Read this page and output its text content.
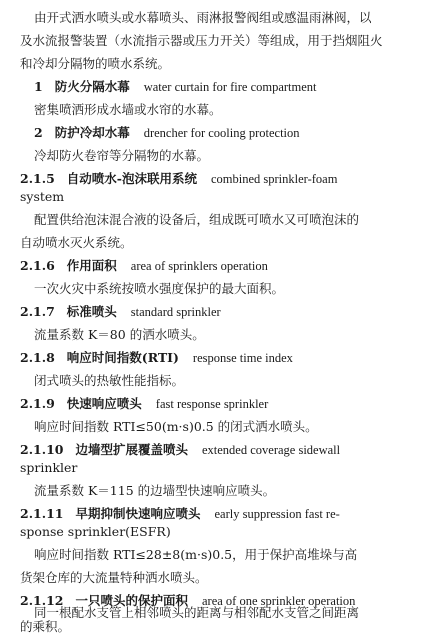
由开式洒水喷头或水幕喷头、雨淋报警阀组或感温雨淋阀，以
及水流报警装置（水流指示器或压力开关）等组成，用于挡烟阻火
和冷却分隔物的喷水系统。
1 防火分隔水幕 water curtain for fire compartment
密集喷洒形成水墙或水帘的水幕。
2 防护冷却水幕 drencher for cooling protection
冷却防火卷帘等分隔物的水幕。
2.1.5 自动喷水-泡沫联用系统 combined sprinkler-foam
system
配置供给泡沫混合液的设备后，组成既可喷水又可喷泡沫的
自动喷水灭火系统。
2.1.6 作用面积 area of sprinklers operation
一次火灾中系统按喷水强度保护的最大面积。
2.1.7 标准喷头 standard sprinkler
流量系数 K＝80 的洒水喷头。
2.1.8 响应时间指数(RTI) response time index
闭式喷头的热敏性能指标。
2.1.9 快速响应喷头 fast response sprinkler
响应时间指数 RTI≤50(m·s)0.5 的闭式洒水喷头。
2.1.10 边墙型扩展覆盖喷头 extended coverage sidewall
sprinkler
流量系数 K＝115 的边墙型快速响应喷头。
2.1.11 早期抑制快速响应喷头 early suppression fast re-
sponse sprinkler(ESFR)
响应时间指数 RTI≤28±8(m·s)0.5，用于保护高堆垛与高
货架仓库的大流量特种洒水喷头。
2.1.12 一只喷头的保护面积 area of one sprinkler operation
同一根配水支管上相邻喷头的距离与相邻配水支管之间距离
的乘积。
